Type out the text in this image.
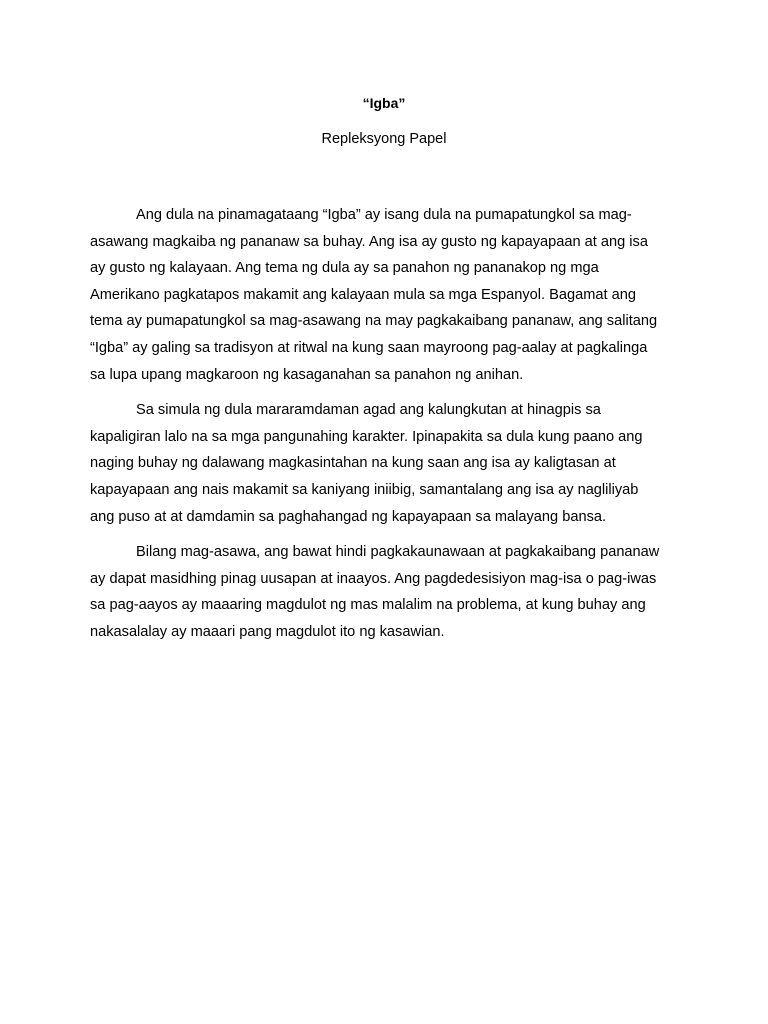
“Igba”
Repleksyong Papel

Ang dula na pinamagataang “Igba” ay isang dula na pumapatungkol sa mag-
asawang magkaiba ng pananaw sa buhay. Ang isa ay gusto ng kapayapaan at ang isa
ay gusto ng kalayaan. Ang tema ng dula ay sa panahon ng pananakop ng mga
Amerikano pagkatapos makamit ang kalayaan mula sa mga Espanyol. Bagamat ang
tema ay pumapatungkol sa mag-asawang na may pagkakaibang pananaw, ang salitang
“Igba” ay galing sa tradisyon at ritwal na kung saan mayroong pag-aalay at pagkalinga
sa lupa upang magkaroon ng kasaganahan sa panahon ng anihan.

Sa simula ng dula mararamdaman agad ang kalungkutan at hinagpis sa
kapaligiran lalo na sa mga pangunahing karakter. Ipinapakita sa dula kung paano ang
naging buhay ng dalawang magkasintahan na kung saan ang isa ay kaligtasan at
kapayapaan ang nais makamit sa kaniyang iniibig, samantalang ang isa ay nagliliyab
ang puso at at damdamin sa paghahangad ng kapayapaan sa malayang bansa.

Bilang mag-asawa, ang bawat hindi pagkakaunawaan at pagkakaibang pananaw
ay dapat masidhing pinag uusapan at inaayos. Ang pagdedesisiyon mag-isa o pag-iwas
sa pag-aayos ay maaaring magdulot ng mas malalim na problema, at kung buhay ang
nakasalalay ay maaari pang magdulot ito ng kasawian.
